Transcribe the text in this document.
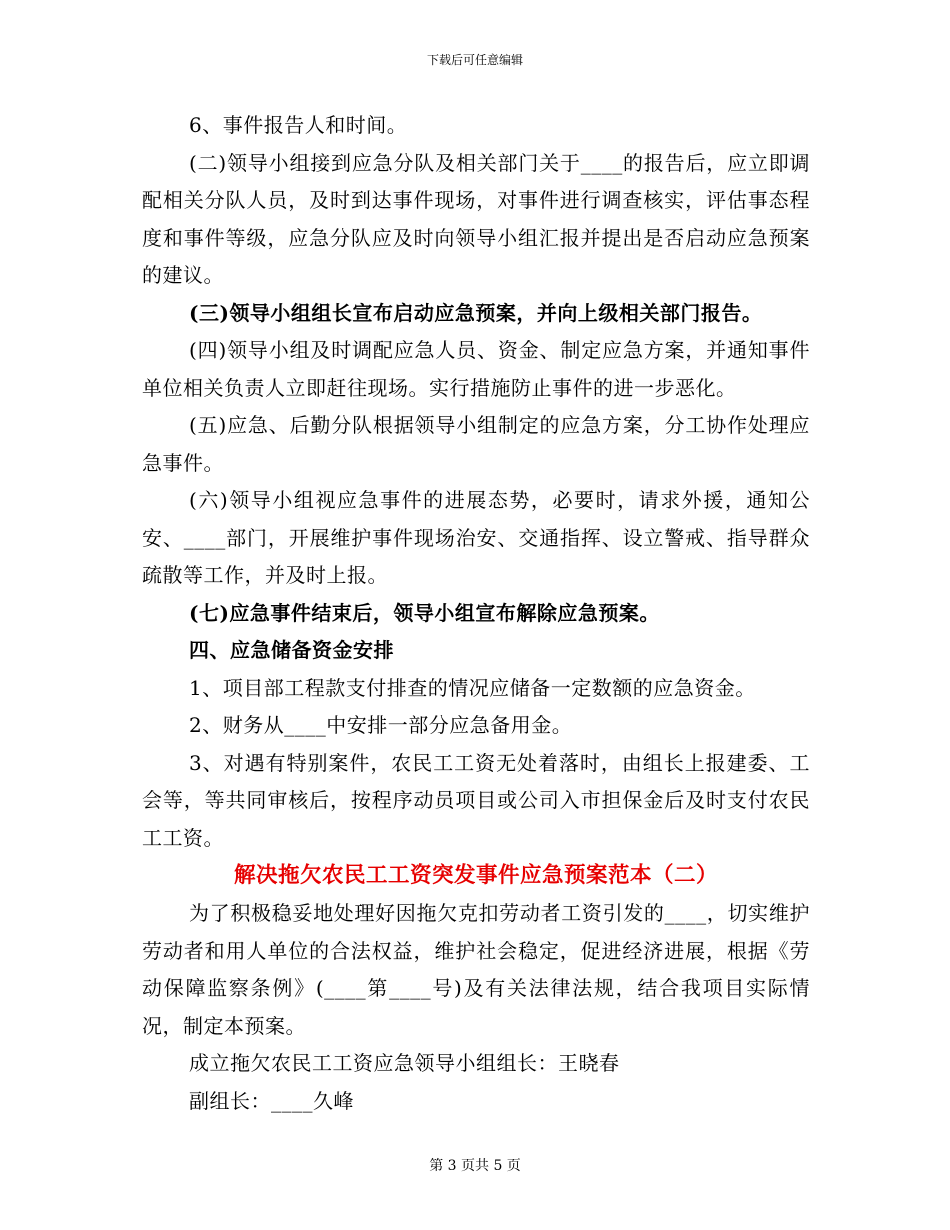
下载后可任意编辑

6、事件报告人和时间。

(二)领导小组接到应急分队及相关部门关于____的报告后，应立即调配相关分队人员，及时到达事件现场，对事件进行调查核实，评估事态程度和事件等级，应急分队应及时向领导小组汇报并提出是否启动应急预案的建议。

(三)领导小组组长宣布启动应急预案，并向上级相关部门报告。

(四)领导小组及时调配应急人员、资金、制定应急方案，并通知事件单位相关负责人立即赶往现场。实行措施防止事件的进一步恶化。

(五)应急、后勤分队根据领导小组制定的应急方案，分工协作处理应急事件。

(六)领导小组视应急事件的进展态势，必要时，请求外援，通知公安、____部门，开展维护事件现场治安、交通指挥、设立警戒、指导群众疏散等工作，并及时上报。

(七)应急事件结束后，领导小组宣布解除应急预案。

四、应急储备资金安排

1、项目部工程款支付排查的情况应储备一定数额的应急资金。

2、财务从____中安排一部分应急备用金。

3、对遇有特别案件，农民工工资无处着落时，由组长上报建委、工会等，等共同审核后，按程序动员项目或公司入市担保金后及时支付农民工工资。

解决拖欠农民工工资突发事件应急预案范本（二）

为了积极稳妥地处理好因拖欠克扣劳动者工资引发的____，切实维护劳动者和用人单位的合法权益，维护社会稳定，促进经济进展，根据《劳动保障监察条例》(____第____号)及有关法律法规，结合我项目实际情况，制定本预案。

成立拖欠农民工工资应急领导小组组长：王晓春

副组长：____久峰

第 3 页共 5 页
